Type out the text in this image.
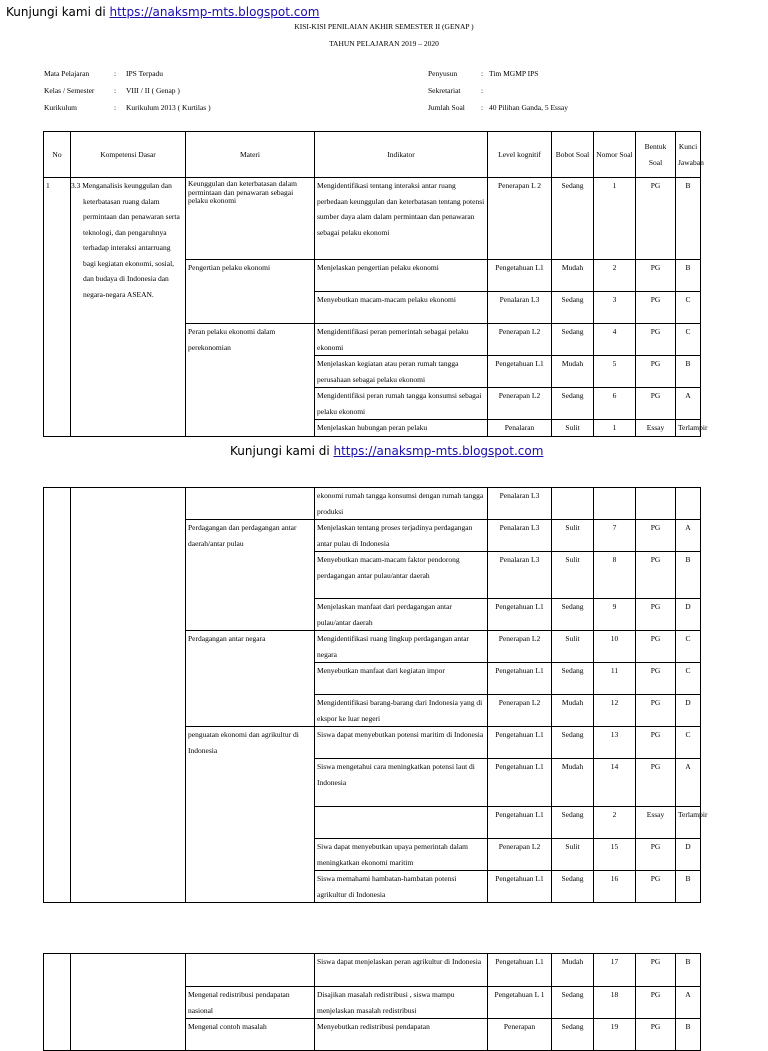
Kunjungi kami di https://anaksmp-mts.blogspot.com
KISI-KISI PENILAIAN AKHIR SEMESTER II (GENAP )
TAHUN PELAJARAN 2019 – 2020
Mata Pelajaran	:	IPS Terpadu
Kelas / Semester	:	VIII / II ( Genap )
Kurikulum	:	Kurikulum 2013 ( Kurtilas )
Penyusun	: Tim MGMP IPS
Sekretariat	:
Jumlah Soal	: 40 Pilihan Ganda, 5 Essay
No	Kompetensi Dasar	Materi	Indikator	Level kognitif	Bobot Soal	Nomor Soal	Bentuk Soal	Kunci Jawaban
1	3.3 Menganalisis keunggulan dan keterbatasan ruang dalam permintaan dan penawaran serta teknologi, dan pengaruhnya terhadap interaksi antarruang bagi kegiatan ekonomi, sosial, dan budaya di Indonesia dan negara-negara ASEAN.	Keunggulan dan keterbatasan dalam permintaan dan penawaran sebagai pelaku ekonomi	Mengidentifikasi tentang interaksi antar ruang perbedaan keunggulan dan keterbatasan tentang potensi sumber daya alam dalam permintaan dan penawaran sebagai pelaku ekonomi	Penerapan L 2	Sedang	1	PG	B
		Pengertian pelaku ekonomi	Menjelaskan pengertian pelaku ekonomi	Pengetahuan L1	Mudah	2	PG	B
			Menyebutkan macam-macam pelaku ekonomi	Penalaran L3	Sedang	3	PG	C
		Peran pelaku ekonomi dalam perekonomian	Mengidentifikasi peran pemerintah sebagai pelaku ekonomi	Penerapan L2	Sedang	4	PG	C
			Menjelaskan kegiatan atau peran rumah tangga perusahaan sebagai pelaku ekonomi	Pengetahuan L1	Mudah	5	PG	B
			Mengidentifiksi peran rumah tangga konsumsi sebagai pelaku ekonomi	Penerapan L2	Sedang	6	PG	A
			Menjelaskan hubungan peran pelaku	Penalaran	Sulit	1	Essay	Terlampir
Kunjungi kami di https://anaksmp-mts.blogspot.com
			ekonomi rumah tangga konsumsi dengan rumah tangga produksi	Penalaran L3				
		Perdagangan dan perdagangan antar daerah/antar pulau	Menjelaskan tentang proses terjadinya perdagangan antar pulau di Indonesia	Penalaran L3	Sulit	7	PG	A
			Menyebutkan macam-macam faktor pendorong perdagangan antar pulau/antar daerah	Penalaran L3	Sulit	8	PG	B
			Menjelaskan manfaat dari perdagangan antar pulau/antar daerah	Pengetahuan L1	Sedang	9	PG	D
		Perdagangan antar negara	Mengidentifikasi ruang lingkup perdagangan antar negara	Penerapan L2	Sulit	10	PG	C
			Menyebutkan manfaat dari kegiatan impor	Pengetahuan L1	Sedang	11	PG	C
			Mengidentifikasi barang-barang dari Indonesia yang di ekspor ke luar negeri	Penerapan L2	Mudah	12	PG	D
		penguatan ekonomi dan agrikultur di Indonesia	Siswa dapat menyebutkan potensi maritim di Indonesia	Pengetahuan L1	Sedang	13	PG	C
			Siswa mengetahui cara meningkatkan potensi laut di Indonesia	Pengetahuan L1	Mudah	14	PG	A
				Pengetahuan L1	Sedang	2	Essay	Terlampir
			Siwa dapat menyebutkan upaya pemerintah dalam meningkatkan ekonomi maritim	Penerapan L2	Sulit	15	PG	D
			Siswa memahami hambatan-hambatan potensi agrikultur di Indonesia	Pengetahuan L1	Sedang	16	PG	B
			Siswa dapat menjelaskan peran agrikultur di Indonesia	Pengetahuan L1	Mudah	17	PG	B
		Mengenal redistribusi pendapatan nasional	Disajikan masalah redistribusi , siswa mampu menjelaskan masalah redistribusi	Pengetahuan L 1	Sedang	18	PG	A
		Mengenal contoh masalah	Menyebutkan redistribusi pendapatan	Penerapan	Sedang	19	PG	B
